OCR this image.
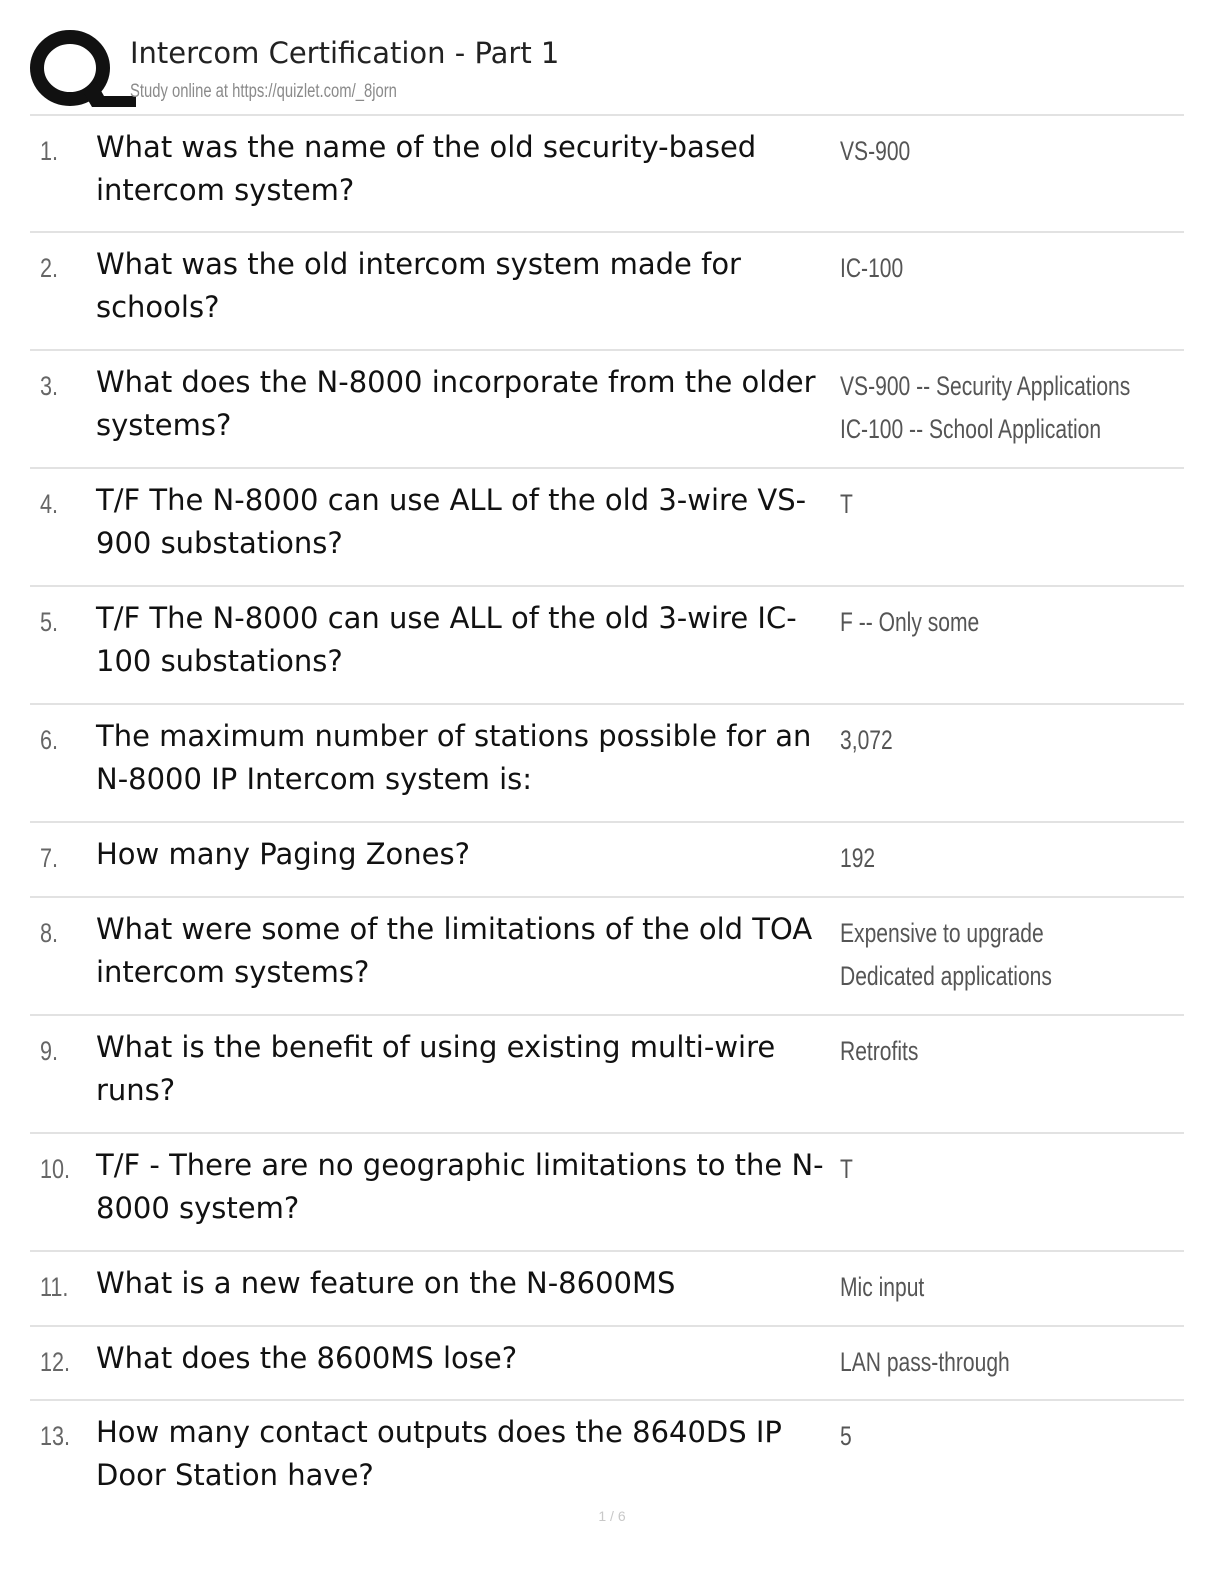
Intercom Certification - Part 1
Study online at https://quizlet.com/_8jorn
1. What was the name of the old security-based intercom system?
VS-900
2. What was the old intercom system made for schools?
IC-100
3. What does the N-8000 incorporate from the older systems?
VS-900 -- Security Applications
IC-100 -- School Application
4. T/F The N-8000 can use ALL of the old 3-wire VS-900 substations?
T
5. T/F The N-8000 can use ALL of the old 3-wire IC-100 substations?
F -- Only some
6. The maximum number of stations possible for an N-8000 IP Intercom system is:
3,072
7. How many Paging Zones?	192
8. What were some of the limitations of the old TOA intercom systems?
Expensive to upgrade
Dedicated applications
9. What is the benefit of using existing multi-wire runs?
Retrofits
10. T/F - There are no geographic limitations to the N-8000 system?
T
11. What is a new feature on the N-8600MS	Mic input
12. What does the 8600MS lose?	LAN pass-through
13. How many contact outputs does the 8640DS IP Door Station have?
5
1 / 6
